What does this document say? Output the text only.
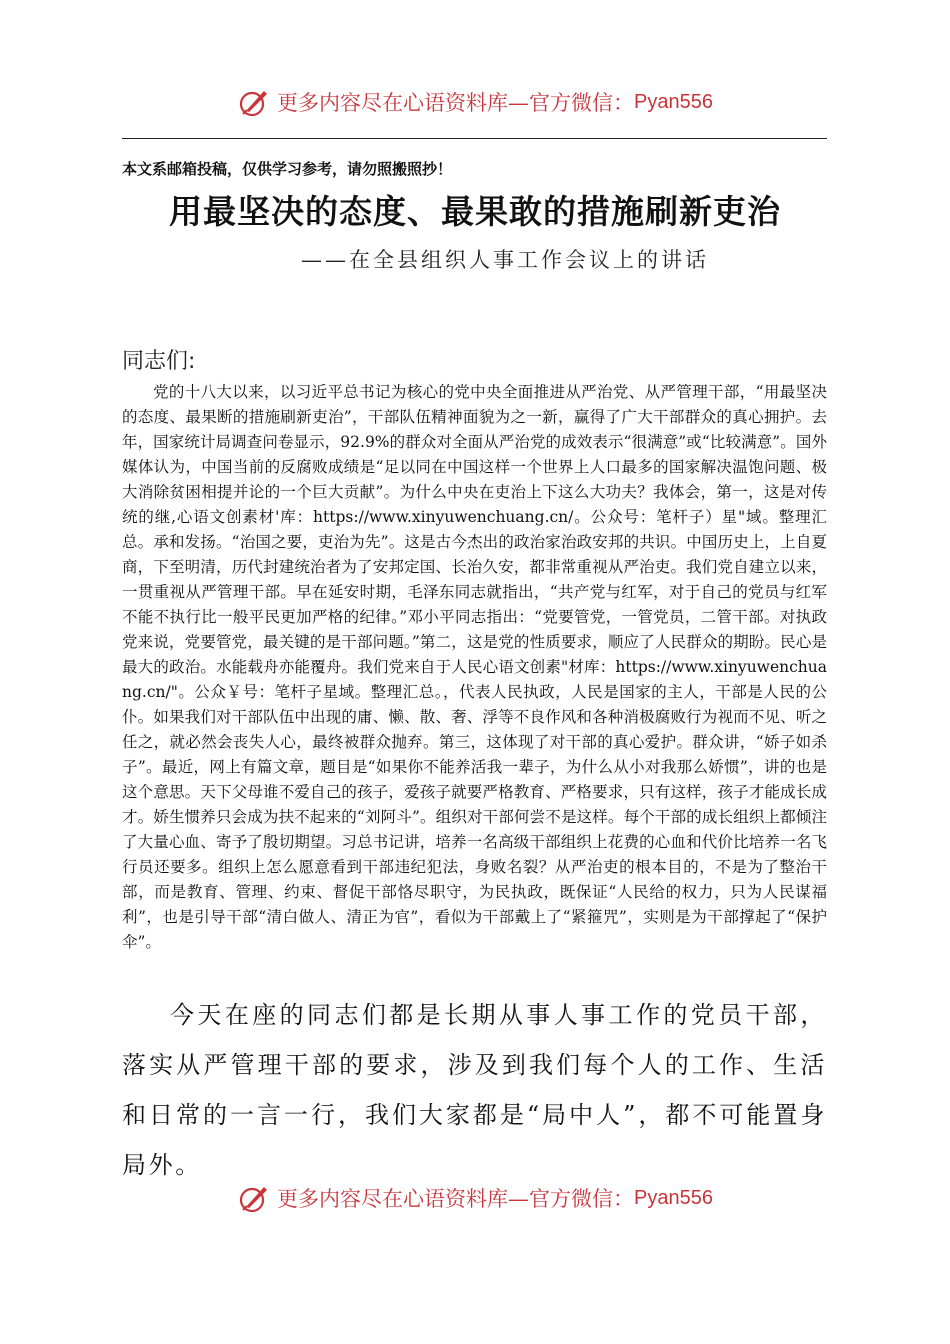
更多内容尽在心语资料库—官方微信： Pyan556
本文系邮箱投稿，仅供学习参考，请勿照搬照抄！
用最坚决的态度、最果敢的措施刷新吏治
——在全县组织人事工作会议上的讲话
同志们:
党的十八大以来，以习近平总书记为核心的党中央全面推进从严治党、从严管理干部，“用最坚决的态度、最果断的措施刷新吏治”，干部队伍精神面貌为之一新，赢得了广大干部群众的真心拥护。去年，国家统计局调查问卷显示，92.9%的群众对全面从严治党的成效表示“很满意”或“比较满意”。国外媒体认为，中国当前的反腐败成绩是“足以同在中国这样一个世界上人口最多的国家解决温饱问题、极大消除贫困相提并论的一个巨大贡献”。为什么中央在吏治上下这么大功夫？我体会，第一，这是对传统的继,心语文创素材'库：https://www.xinyuwenchuang.cn/。公众号：笔杆子）星"域。整理汇总。承和发扬。“治国之要，吏治为先”。这是古今杰出的政治家治政安邦的共识。中国历史上，上自夏商，下至明清，历代封建统治者为了安邦定国、长治久安，都非常重视从严治吏。我们党自建立以来，一贯重视从严管理干部。早在延安时期，毛泽东同志就指出，“共产党与红军，对于自己的党员与红军不能不执行比一般平民更加严格的纪律。”邓小平同志指出：“党要管党，一管党员，二管干部。对执政党来说，党要管党，最关键的是干部问题。”第二，这是党的性质要求，顺应了人民群众的期盼。民心是最大的政治。水能载舟亦能覆舟。我们党来自于人民心语文创素"材库：https://www.xinyuwenchuang.cn/"。公众￥号：笔杆子星域。整理汇总。，代表人民执政，人民是国家的主人，干部是人民的公仆。如果我们对干部队伍中出现的庸、懒、散、奢、浮等不良作风和各种消极腐败行为视而不见、听之任之，就必然会丧失人心，最终被群众抛弃。第三，这体现了对干部的真心爱护。群众讲，“娇子如杀子”。最近，网上有篇文章，题目是“如果你不能养活我一辈子，为什么从小对我那么娇惯”，讲的也是这个意思。天下父母谁不爱自己的孩子，爱孩子就要严格教育、严格要求，只有这样，孩子才能成长成才。娇生惯养只会成为扶不起来的“刘阿斗”。组织对干部何尝不是这样。每个干部的成长组织上都倾注了大量心血、寄予了殷切期望。习总书记讲，培养一名高级干部组织上花费的心血和代价比培养一名飞行员还要多。组织上怎么愿意看到干部违纪犯法，身败名裂？从严治吏的根本目的，不是为了整治干部，而是教育、管理、约束、督促干部恪尽职守，为民执政，既保证“人民给的权力，只为人民谋福利”，也是引导干部“清白做人、清正为官”，看似为干部戴上了“紧箍咒”，实则是为干部撑起了“保护伞”。
今天在座的同志们都是长期从事人事工作的党员干部，落实从严管理干部的要求，涉及到我们每个人的工作、生活和日常的一言一行，我们大家都是“局中人”，都不可能置身局外。
更多内容尽在心语资料库—官方微信： Pyan556
